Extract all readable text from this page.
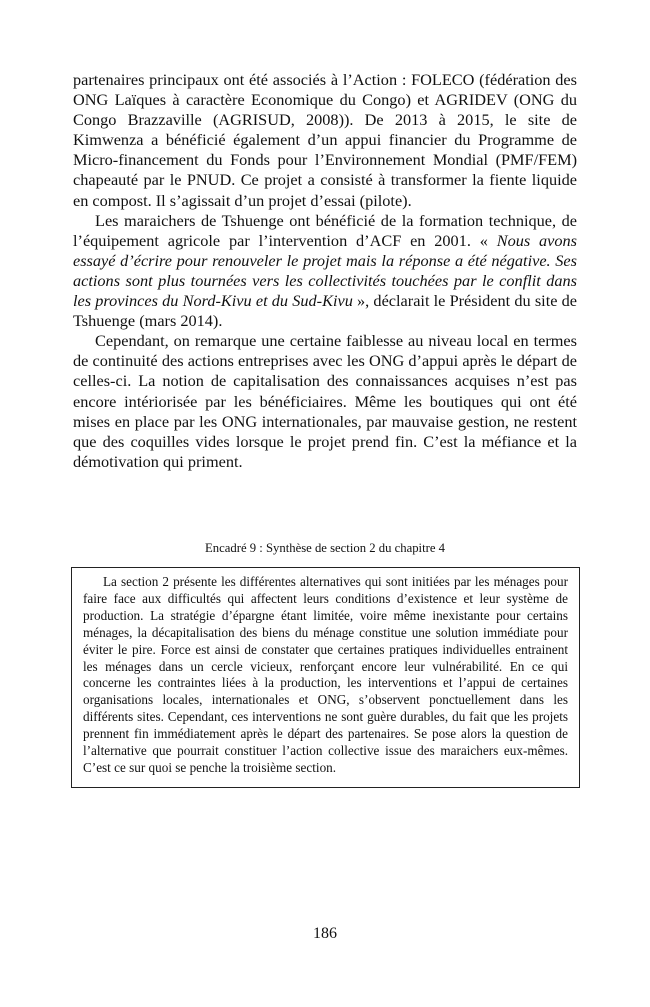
partenaires principaux ont été associés à l’Action : FOLECO (fédération des ONG Laïques à caractère Economique du Congo) et AGRIDEV (ONG du Congo Brazzaville (AGRISUD, 2008)). De 2013 à 2015, le site de Kimwenza a bénéficié également d’un appui financier du Programme de Micro-financement du Fonds pour l’Environnement Mondial (PMF/FEM) chapeauté par le PNUD. Ce projet a consisté à transformer la fiente liquide en compost. Il s’agissait d’un projet d’essai (pilote).

Les maraichers de Tshuenge ont bénéficié de la formation technique, de l’équipement agricole par l’intervention d’ACF en 2001. « Nous avons essayé d’écrire pour renouveler le projet mais la réponse a été négative. Ses actions sont plus tournées vers les collectivités touchées par le conflit dans les provinces du Nord-Kivu et du Sud-Kivu », déclarait le Président du site de Tshuenge (mars 2014).

Cependant, on remarque une certaine faiblesse au niveau local en termes de continuité des actions entreprises avec les ONG d’appui après le départ de celles-ci. La notion de capitalisation des connaissances acquises n’est pas encore intériorisée par les bénéficiaires. Même les boutiques qui ont été mises en place par les ONG internationales, par mauvaise gestion, ne restent que des coquilles vides lorsque le projet prend fin. C’est la méfiance et la démotivation qui priment.

Encadré 9 : Synthèse de section 2 du chapitre 4

La section 2 présente les différentes alternatives qui sont initiées par les ménages pour faire face aux difficultés qui affectent leurs conditions d’existence et leur système de production. La stratégie d’épargne étant limitée, voire même inexistante pour certains ménages, la décapitalisation des biens du ménage constitue une solution immédiate pour éviter le pire. Force est ainsi de constater que certaines pratiques individuelles entrainent les ménages dans un cercle vicieux, renforçant encore leur vulnérabilité. En ce qui concerne les contraintes liées à la production, les interventions et l’appui de certaines organisations locales, internationales et ONG, s’observent ponctuellement dans les différents sites. Cependant, ces interventions ne sont guère durables, du fait que les projets prennent fin immédiatement après le départ des partenaires. Se pose alors la question de l’alternative que pourrait constituer l’action collective issue des maraichers eux-mêmes. C’est ce sur quoi se penche la troisième section.

186
